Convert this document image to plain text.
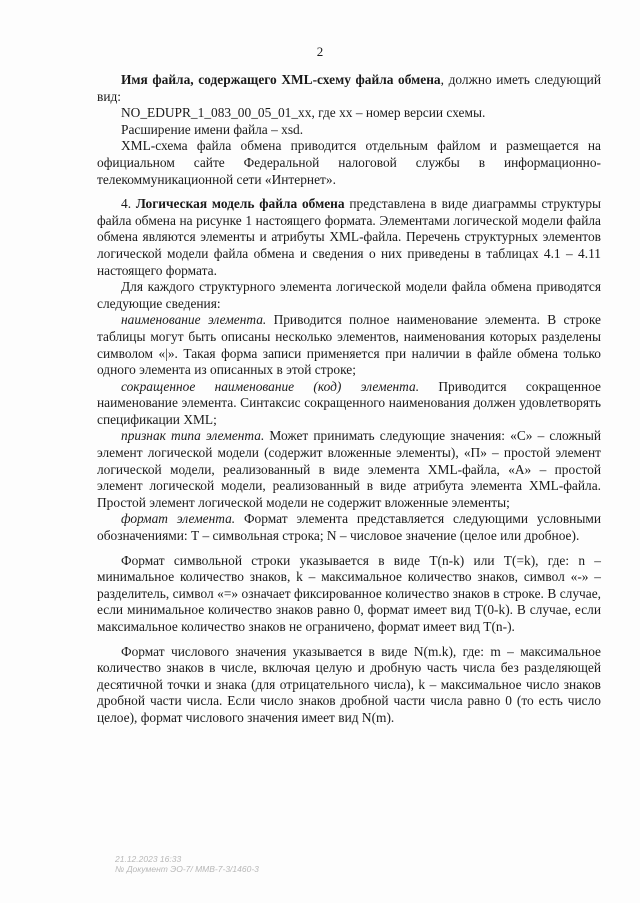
2

Имя файла, содержащего XML-схему файла обмена, должно иметь следующий вид:

NO_EDUPR_1_083_00_05_01_xx, где хх – номер версии схемы.

Расширение имени файла – xsd.

XML-схема файла обмена приводится отдельным файлом и размещается на официальном сайте Федеральной налоговой службы в информационно-телекоммуникационной сети «Интернет».

4. Логическая модель файла обмена представлена в виде диаграммы структуры файла обмена на рисунке 1 настоящего формата. Элементами логической модели файла обмена являются элементы и атрибуты XML-файла. Перечень структурных элементов логической модели файла обмена и сведения о них приведены в таблицах 4.1 – 4.11 настоящего формата.

Для каждого структурного элемента логической модели файла обмена приводятся следующие сведения:

наименование элемента. Приводится полное наименование элемента. В строке таблицы могут быть описаны несколько элементов, наименования которых разделены символом «|». Такая форма записи применяется при наличии в файле обмена только одного элемента из описанных в этой строке;

сокращенное наименование (код) элемента. Приводится сокращенное наименование элемента. Синтаксис сокращенного наименования должен удовлетворять спецификации XML;

признак типа элемента. Может принимать следующие значения: «С» – сложный элемент логической модели (содержит вложенные элементы), «П» – простой элемент логической модели, реализованный в виде элемента XML-файла, «А» – простой элемент логической модели, реализованный в виде атрибута элемента XML-файла. Простой элемент логической модели не содержит вложенные элементы;

формат элемента. Формат элемента представляется следующими условными обозначениями: Т – символьная строка; N – числовое значение (целое или дробное).

Формат символьной строки указывается в виде Т(n-k) или Т(=k), где: n – минимальное количество знаков, k – максимальное количество знаков, символ «-» – разделитель, символ «=» означает фиксированное количество знаков в строке. В случае, если минимальное количество знаков равно 0, формат имеет вид Т(0-k). В случае, если максимальное количество знаков не ограничено, формат имеет вид Т(n-).

Формат числового значения указывается в виде N(m.k), где: m – максимальное количество знаков в числе, включая целую и дробную часть числа без разделяющей десятичной точки и знака (для отрицательного числа), k – максимальное число знаков дробной части числа. Если число знаков дробной части числа равно 0 (то есть число целое), формат числового значения имеет вид N(m).

21.12.2023 16:33
№ Документ ЭО-7/ ММВ-7-3/1460-3
